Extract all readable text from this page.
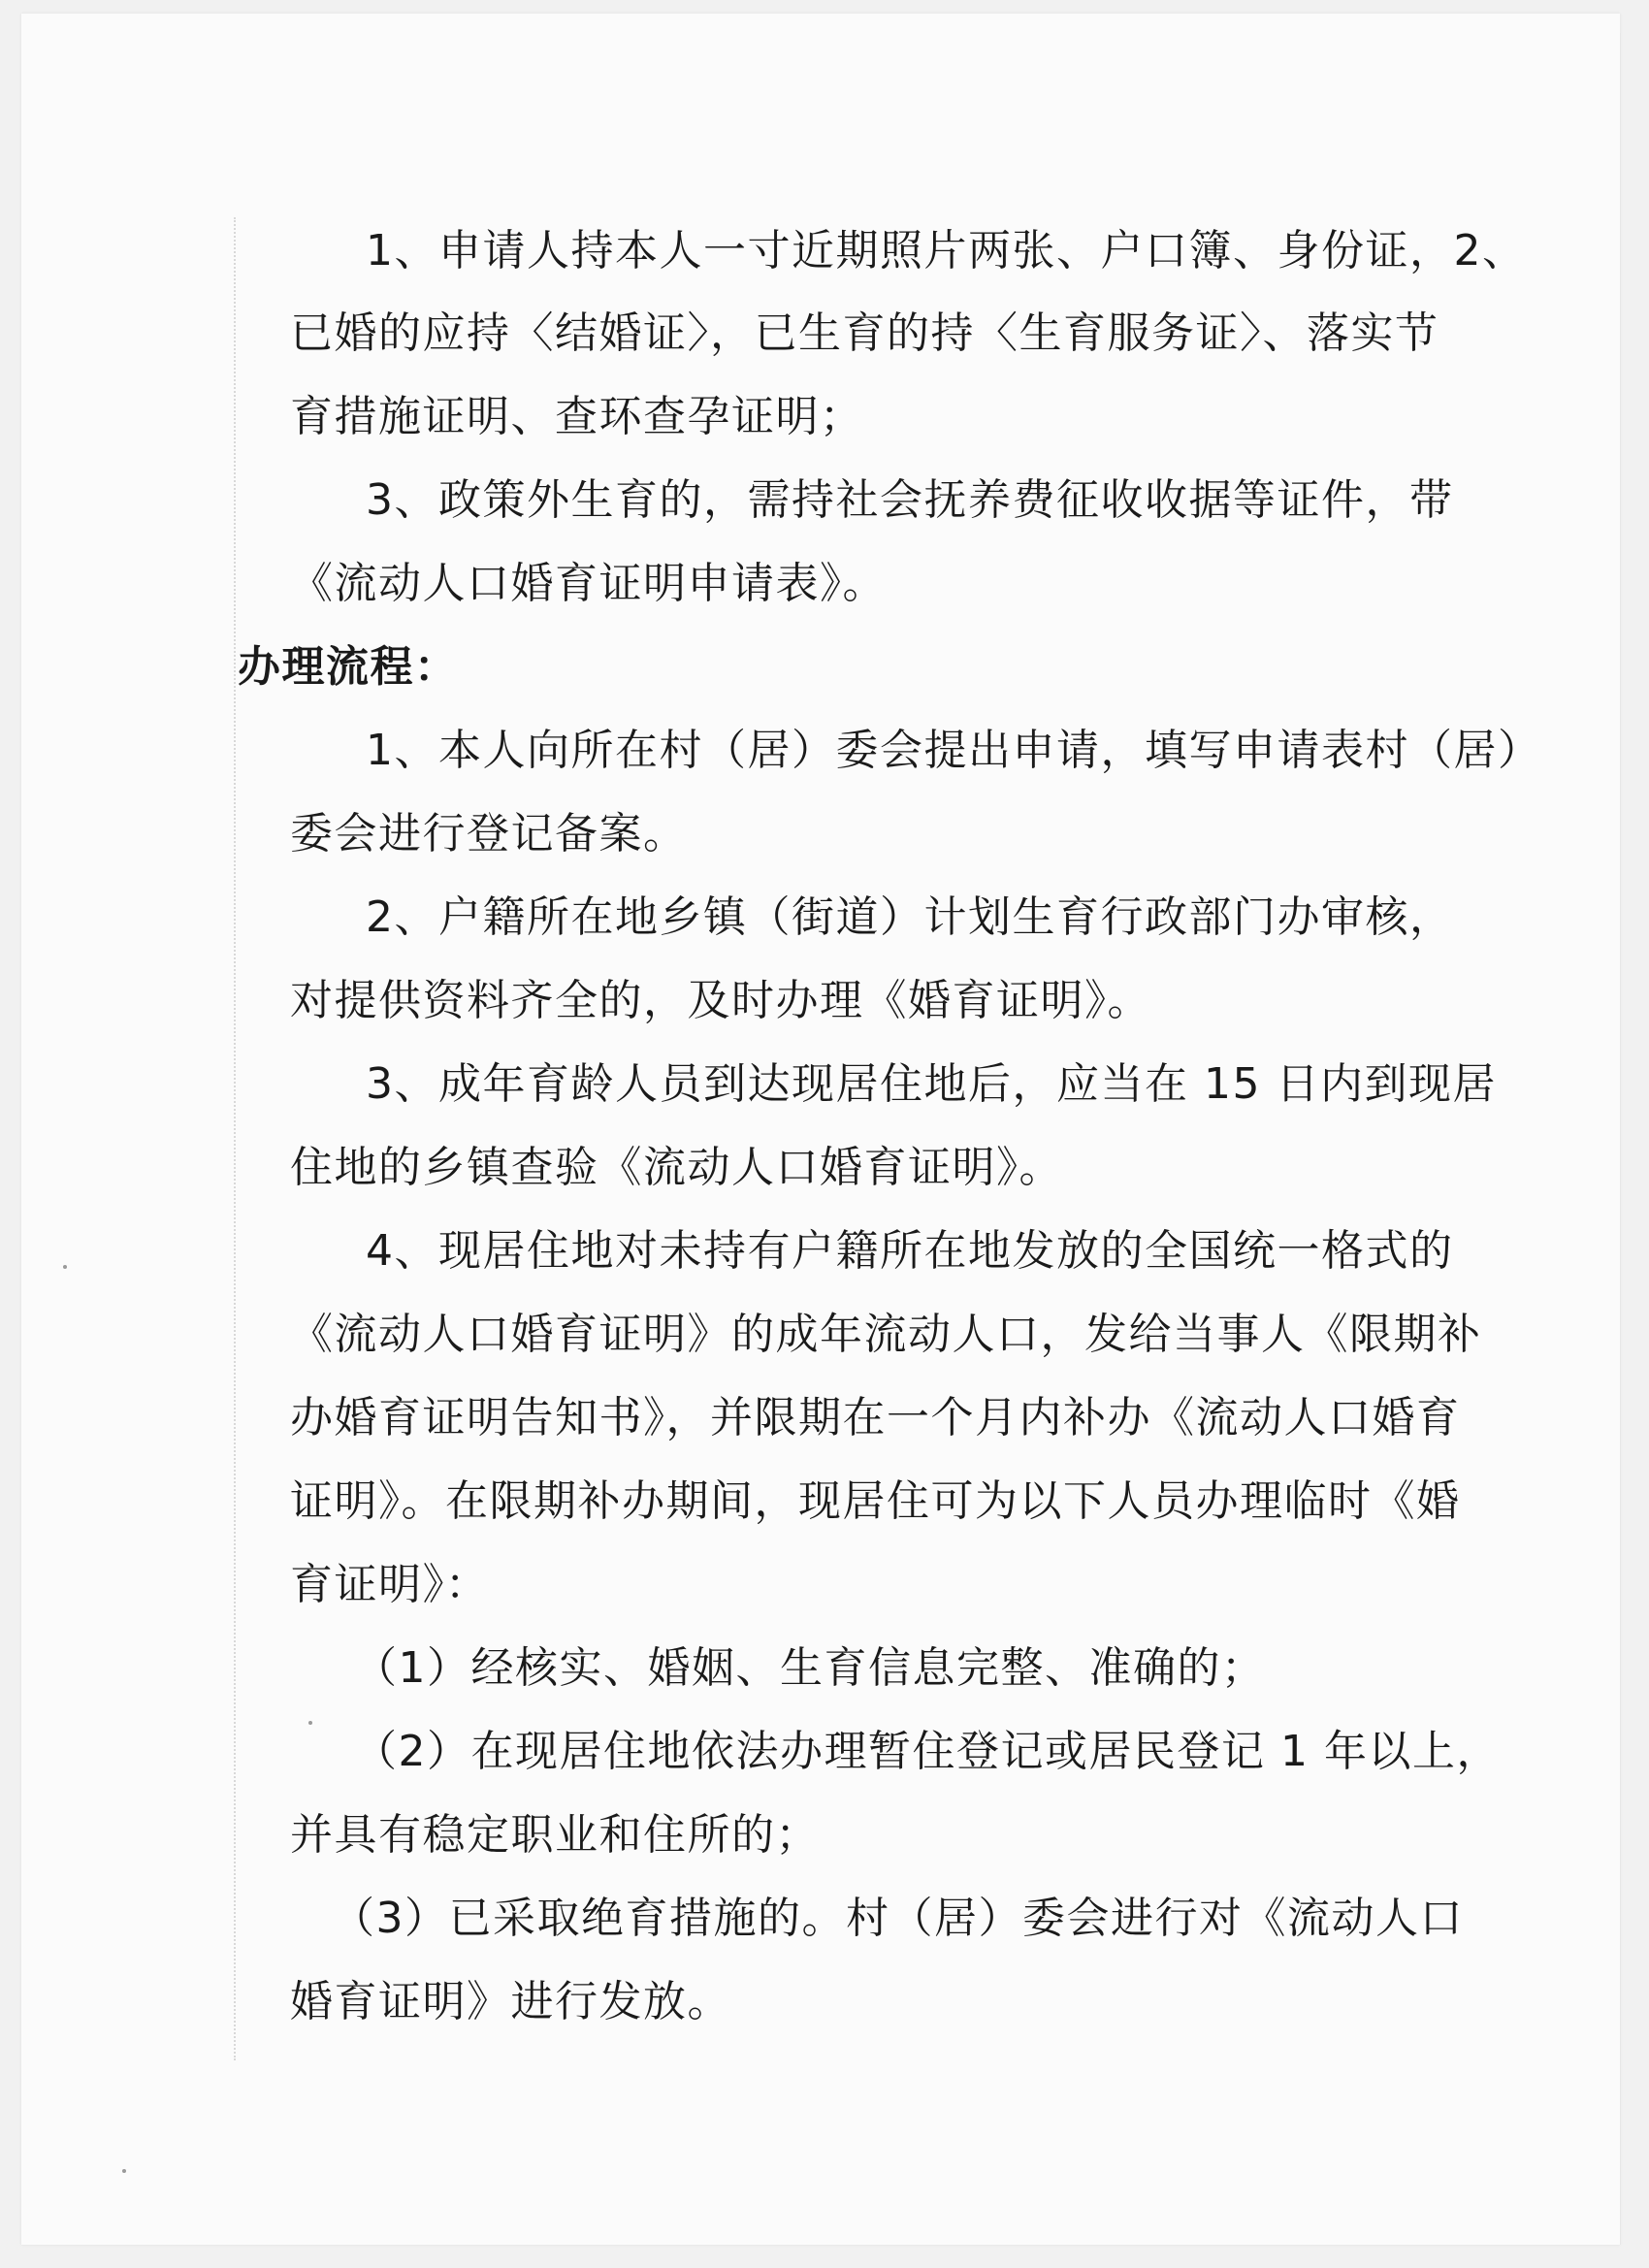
1、申请人持本人一寸近期照片两张、户口簿、身份证，2、
已婚的应持〈结婚证〉，已生育的持〈生育服务证〉、落实节
育措施证明、查环查孕证明；
3、政策外生育的，需持社会抚养费征收收据等证件，带
《流动人口婚育证明申请表》。
办理流程：
1、本人向所在村（居）委会提出申请，填写申请表村（居）
委会进行登记备案。
2、户籍所在地乡镇（街道）计划生育行政部门办审核，
对提供资料齐全的，及时办理《婚育证明》。
3、成年育龄人员到达现居住地后，应当在 15 日内到现居
住地的乡镇查验《流动人口婚育证明》。
4、现居住地对未持有户籍所在地发放的全国统一格式的
《流动人口婚育证明》的成年流动人口，发给当事人《限期补
办婚育证明告知书》，并限期在一个月内补办《流动人口婚育
证明》。在限期补办期间，现居住可为以下人员办理临时《婚
育证明》：
（1）经核实、婚姻、生育信息完整、准确的；
（2）在现居住地依法办理暂住登记或居民登记 1 年以上，
并具有稳定职业和住所的；
（3）已采取绝育措施的。村（居）委会进行对《流动人口
婚育证明》进行发放。
